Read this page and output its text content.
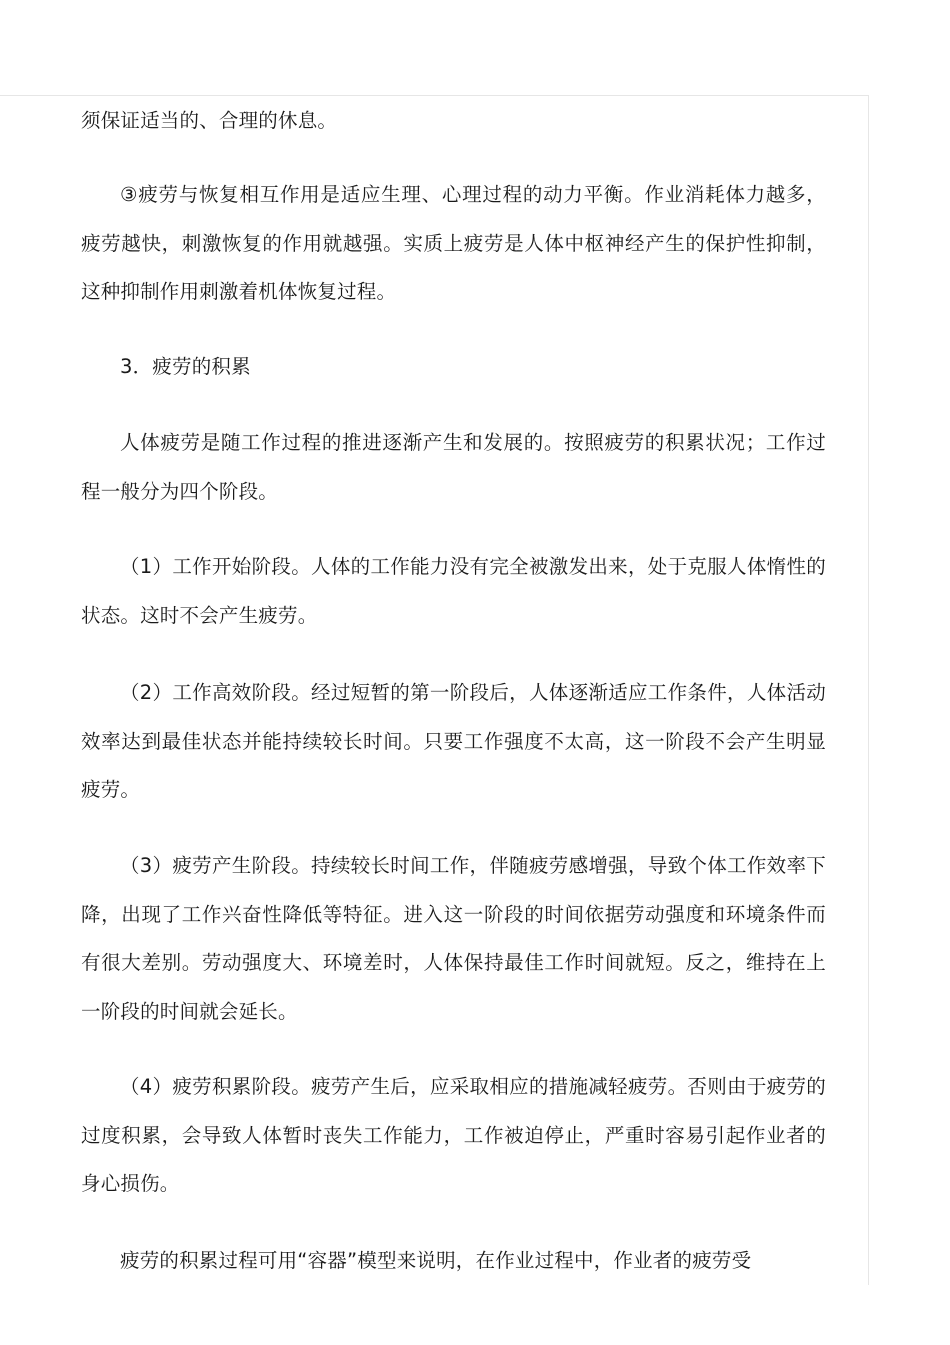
须保证适当的、合理的休息。

③疲劳与恢复相互作用是适应生理、心理过程的动力平衡。作业消耗体力越多，疲劳越快，刺激恢复的作用就越强。实质上疲劳是人体中枢神经产生的保护性抑制，这种抑制作用刺激着机体恢复过程。

3．疲劳的积累

人体疲劳是随工作过程的推进逐渐产生和发展的。按照疲劳的积累状况；工作过程一般分为四个阶段。

（1）工作开始阶段。人体的工作能力没有完全被激发出来，处于克服人体惰性的状态。这时不会产生疲劳。

（2）工作高效阶段。经过短暂的第一阶段后，人体逐渐适应工作条件，人体活动效率达到最佳状态并能持续较长时间。只要工作强度不太高，这一阶段不会产生明显疲劳。

（3）疲劳产生阶段。持续较长时间工作，伴随疲劳感增强，导致个体工作效率下降，出现了工作兴奋性降低等特征。进入这一阶段的时间依据劳动强度和环境条件而有很大差别。劳动强度大、环境差时，人体保持最佳工作时间就短。反之，维持在上一阶段的时间就会延长。

（4）疲劳积累阶段。疲劳产生后，应采取相应的措施减轻疲劳。否则由于疲劳的过度积累，会导致人体暂时丧失工作能力，工作被迫停止，严重时容易引起作业者的身心损伤。

疲劳的积累过程可用“容器”模型来说明，在作业过程中，作业者的疲劳受
